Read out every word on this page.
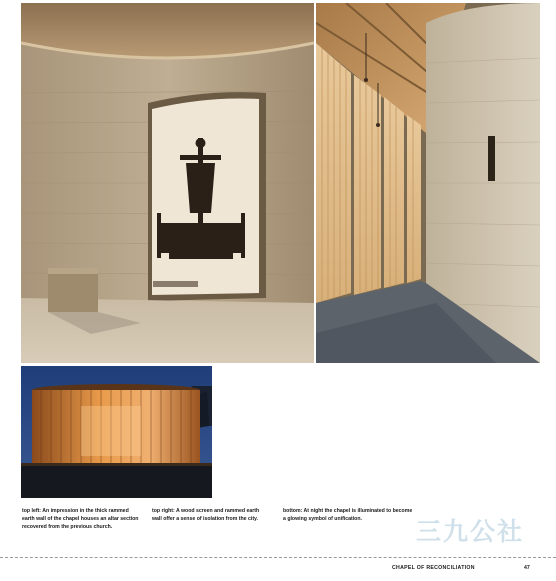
top left: An impression in the thick rammed earth wall of the chapel houses an altar section recovered from the previous church.
top right: A wood screen and rammed earth wall offer a sense of isolation from the city.
bottom: At night the chapel is illuminated to become a glowing symbol of unification.	三九公社
CHAPEL OF RECONCILIATION	47
